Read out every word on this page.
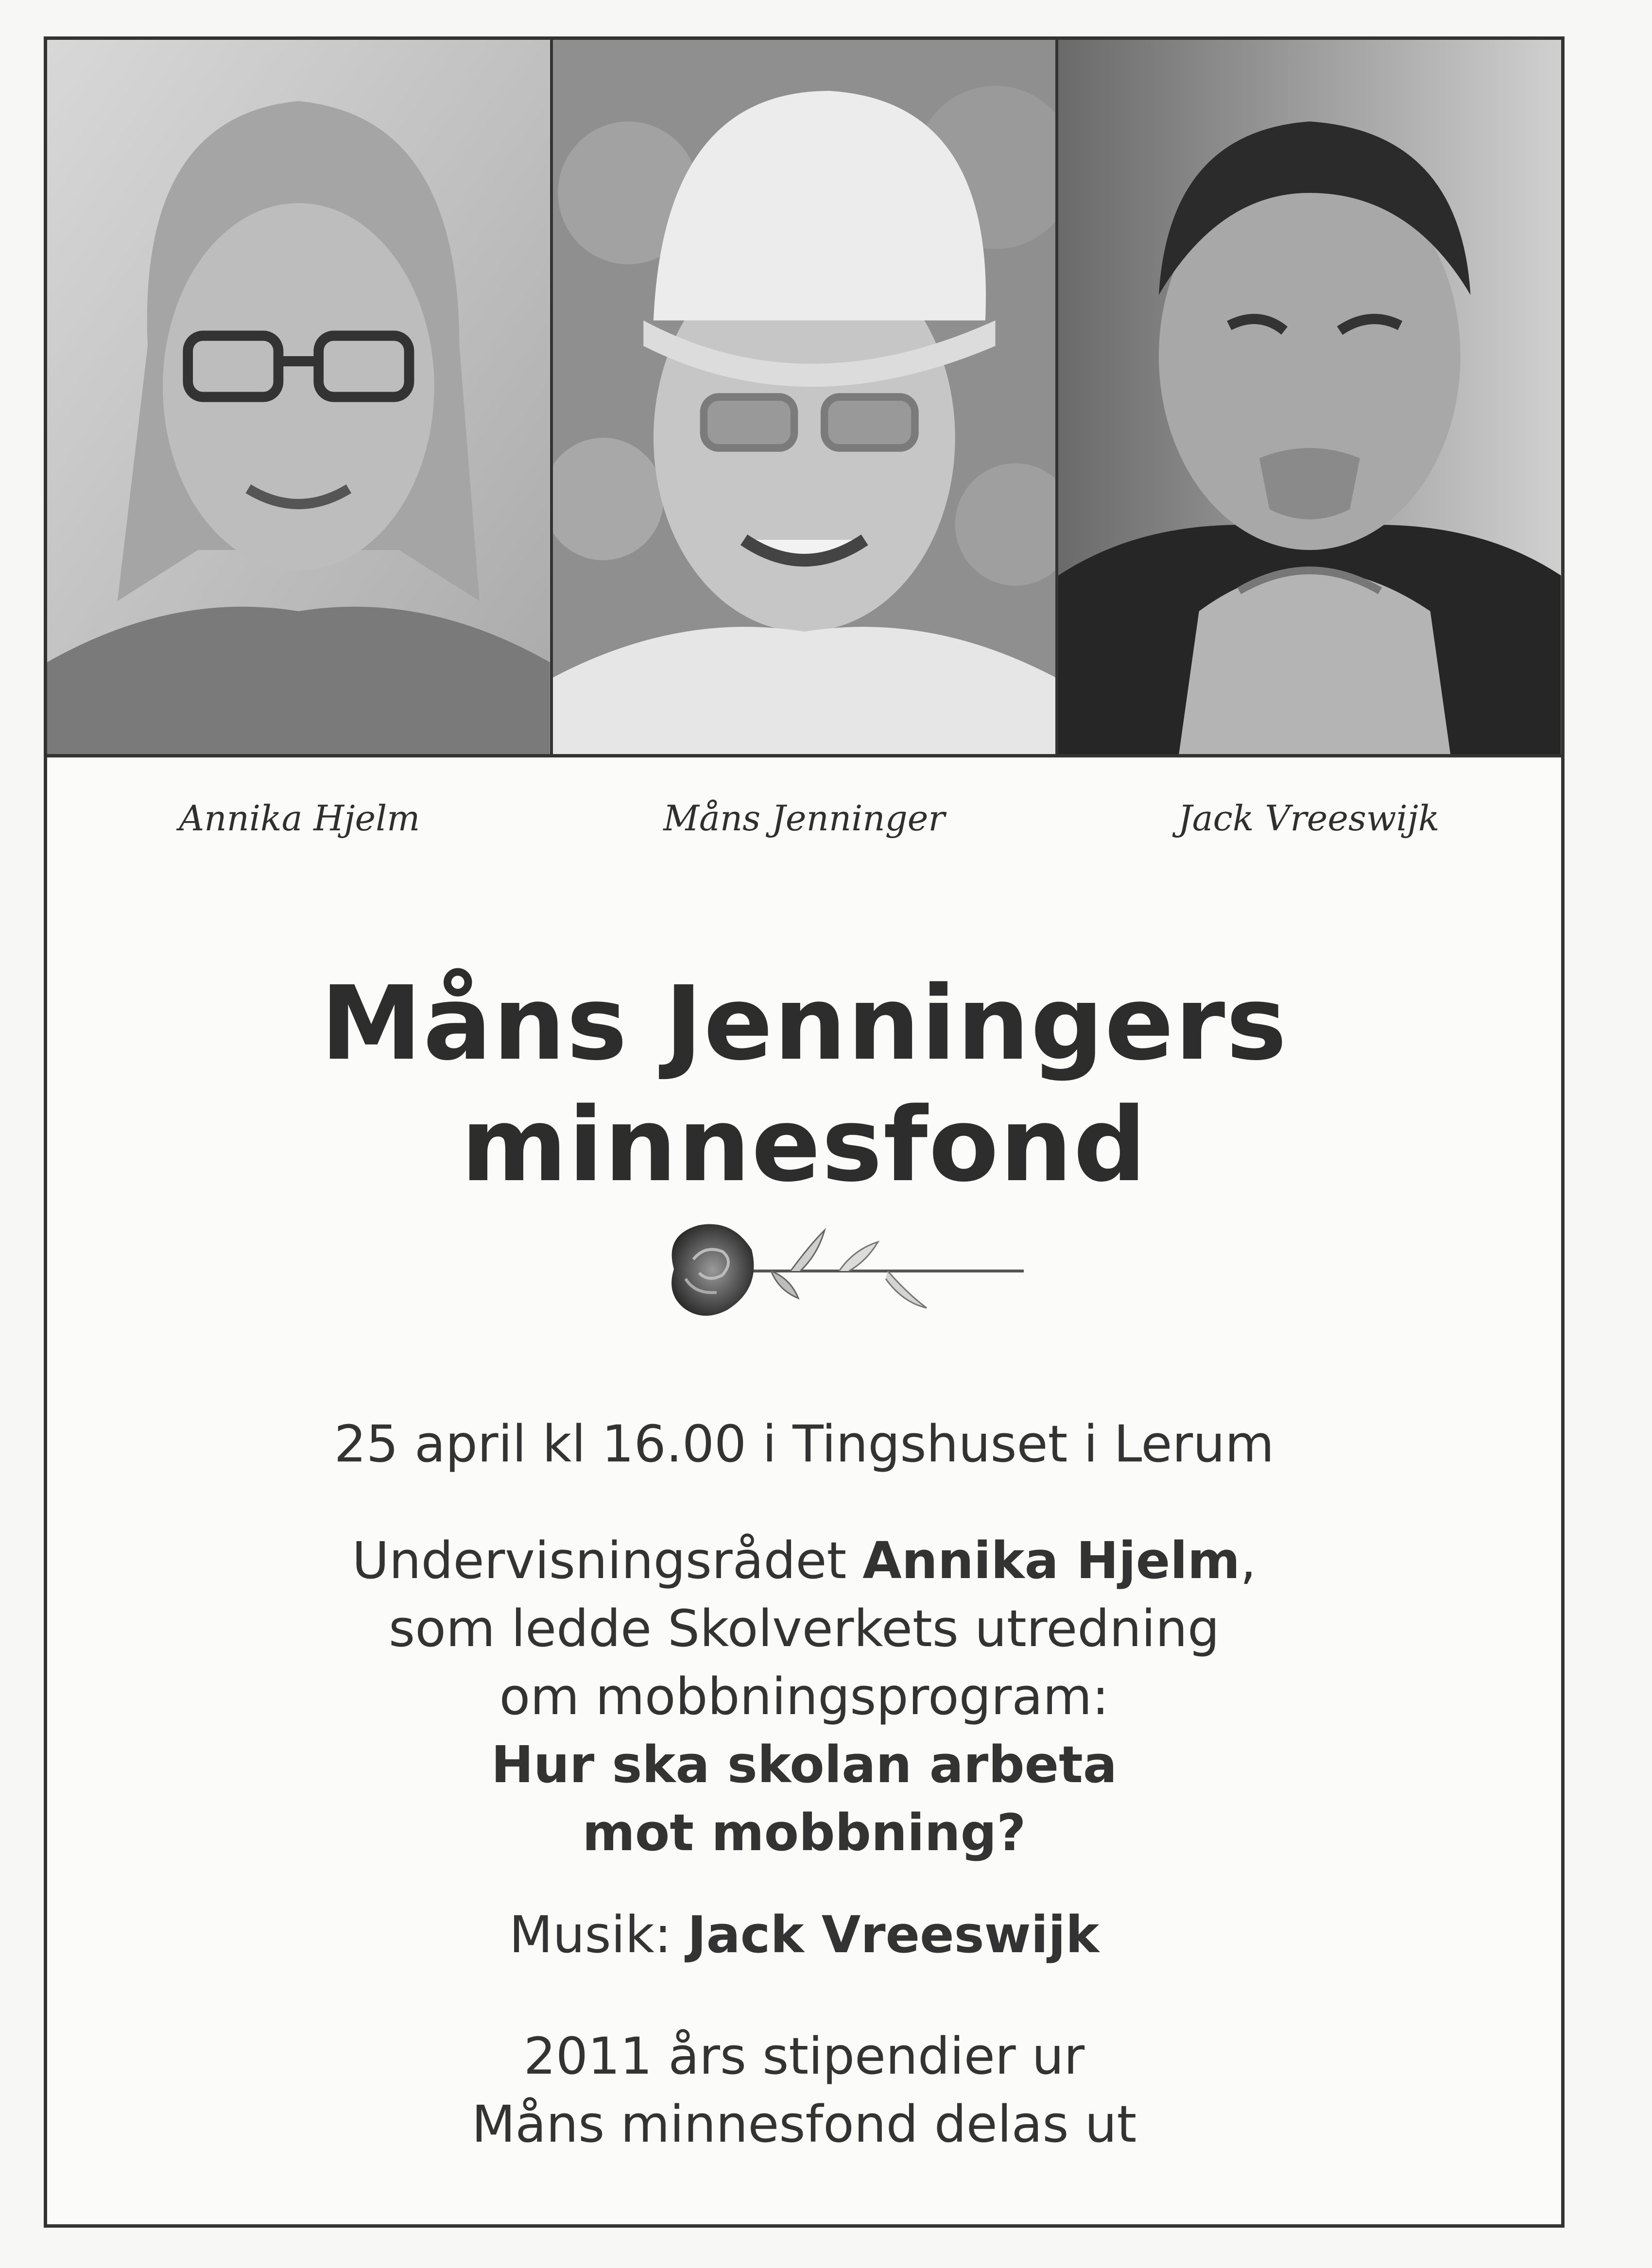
Annika Hjelm	Måns Jenninger	Jack Vreeswijk
Måns Jenningers
minnesfond
25 april kl 16.00 i Tingshuset i Lerum
Undervisningsrådet Annika Hjelm,
som ledde Skolverkets utredning
om mobbningsprogram:
Hur ska skolan arbeta
mot mobbning?
Musik: Jack Vreeswijk
2011 års stipendier ur
Måns minnesfond delas ut
